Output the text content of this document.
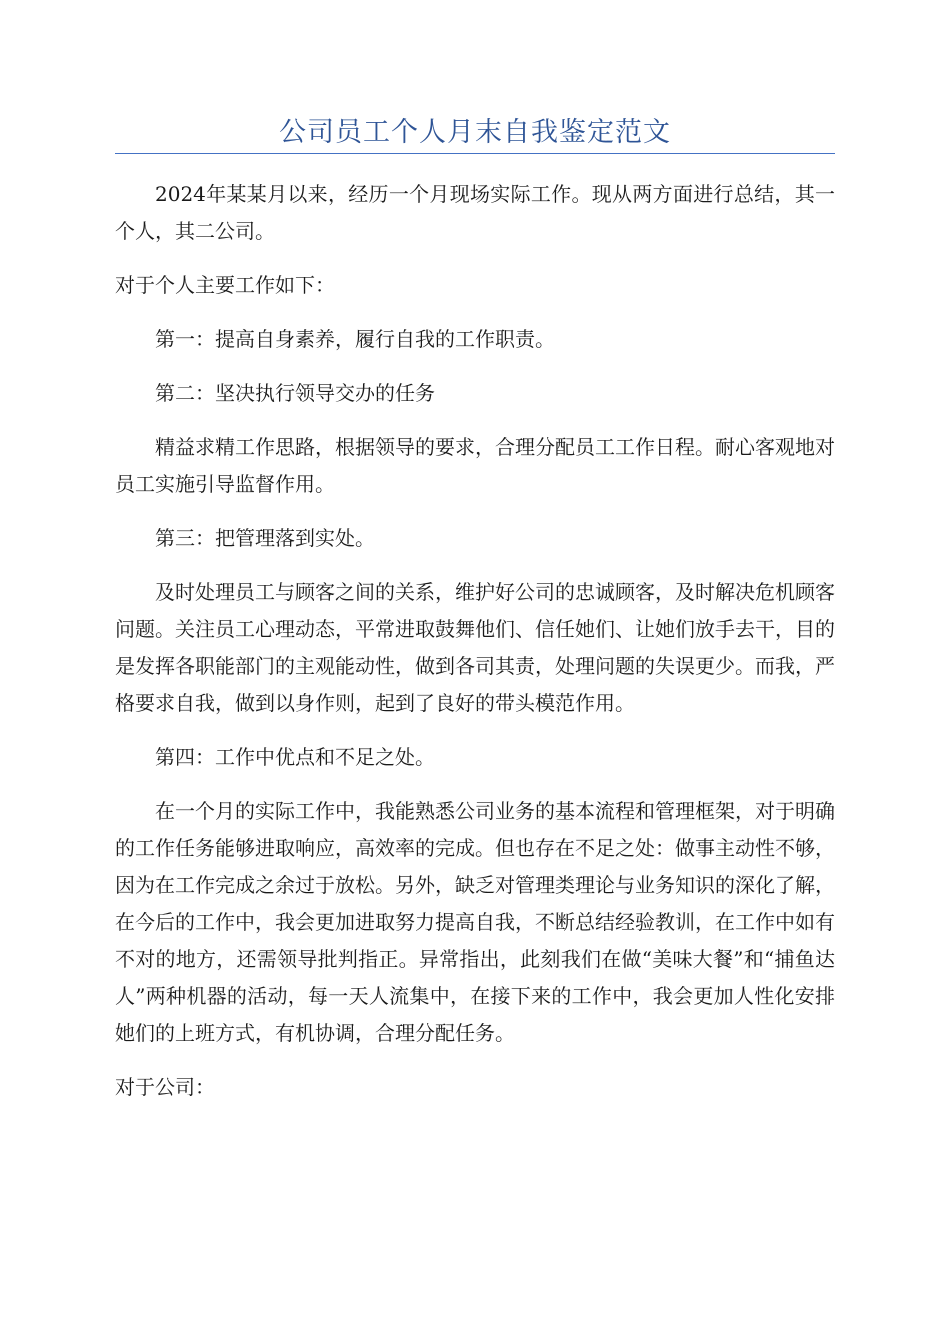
公司员工个人月末自我鉴定范文

2024年某某月以来，经历一个月现场实际工作。现从两方面进行总结，其一个人，其二公司。

对于个人主要工作如下：

第一：提高自身素养，履行自我的工作职责。

第二：坚决执行领导交办的任务

精益求精工作思路，根据领导的要求，合理分配员工工作日程。耐心客观地对员工实施引导监督作用。

第三：把管理落到实处。

及时处理员工与顾客之间的关系，维护好公司的忠诚顾客，及时解决危机顾客问题。关注员工心理动态，平常进取鼓舞他们、信任她们、让她们放手去干，目的是发挥各职能部门的主观能动性，做到各司其责，处理问题的失误更少。而我，严格要求自我，做到以身作则，起到了良好的带头模范作用。

第四：工作中优点和不足之处。

在一个月的实际工作中，我能熟悉公司业务的基本流程和管理框架，对于明确的工作任务能够进取响应，高效率的完成。但也存在不足之处：做事主动性不够，因为在工作完成之余过于放松。另外，缺乏对管理类理论与业务知识的深化了解，在今后的工作中，我会更加进取努力提高自我，不断总结经验教训，在工作中如有不对的地方，还需领导批判指正。异常指出，此刻我们在做“美味大餐”和“捕鱼达人”两种机器的活动，每一天人流集中，在接下来的工作中，我会更加人性化安排她们的上班方式，有机协调，合理分配任务。

对于公司：
